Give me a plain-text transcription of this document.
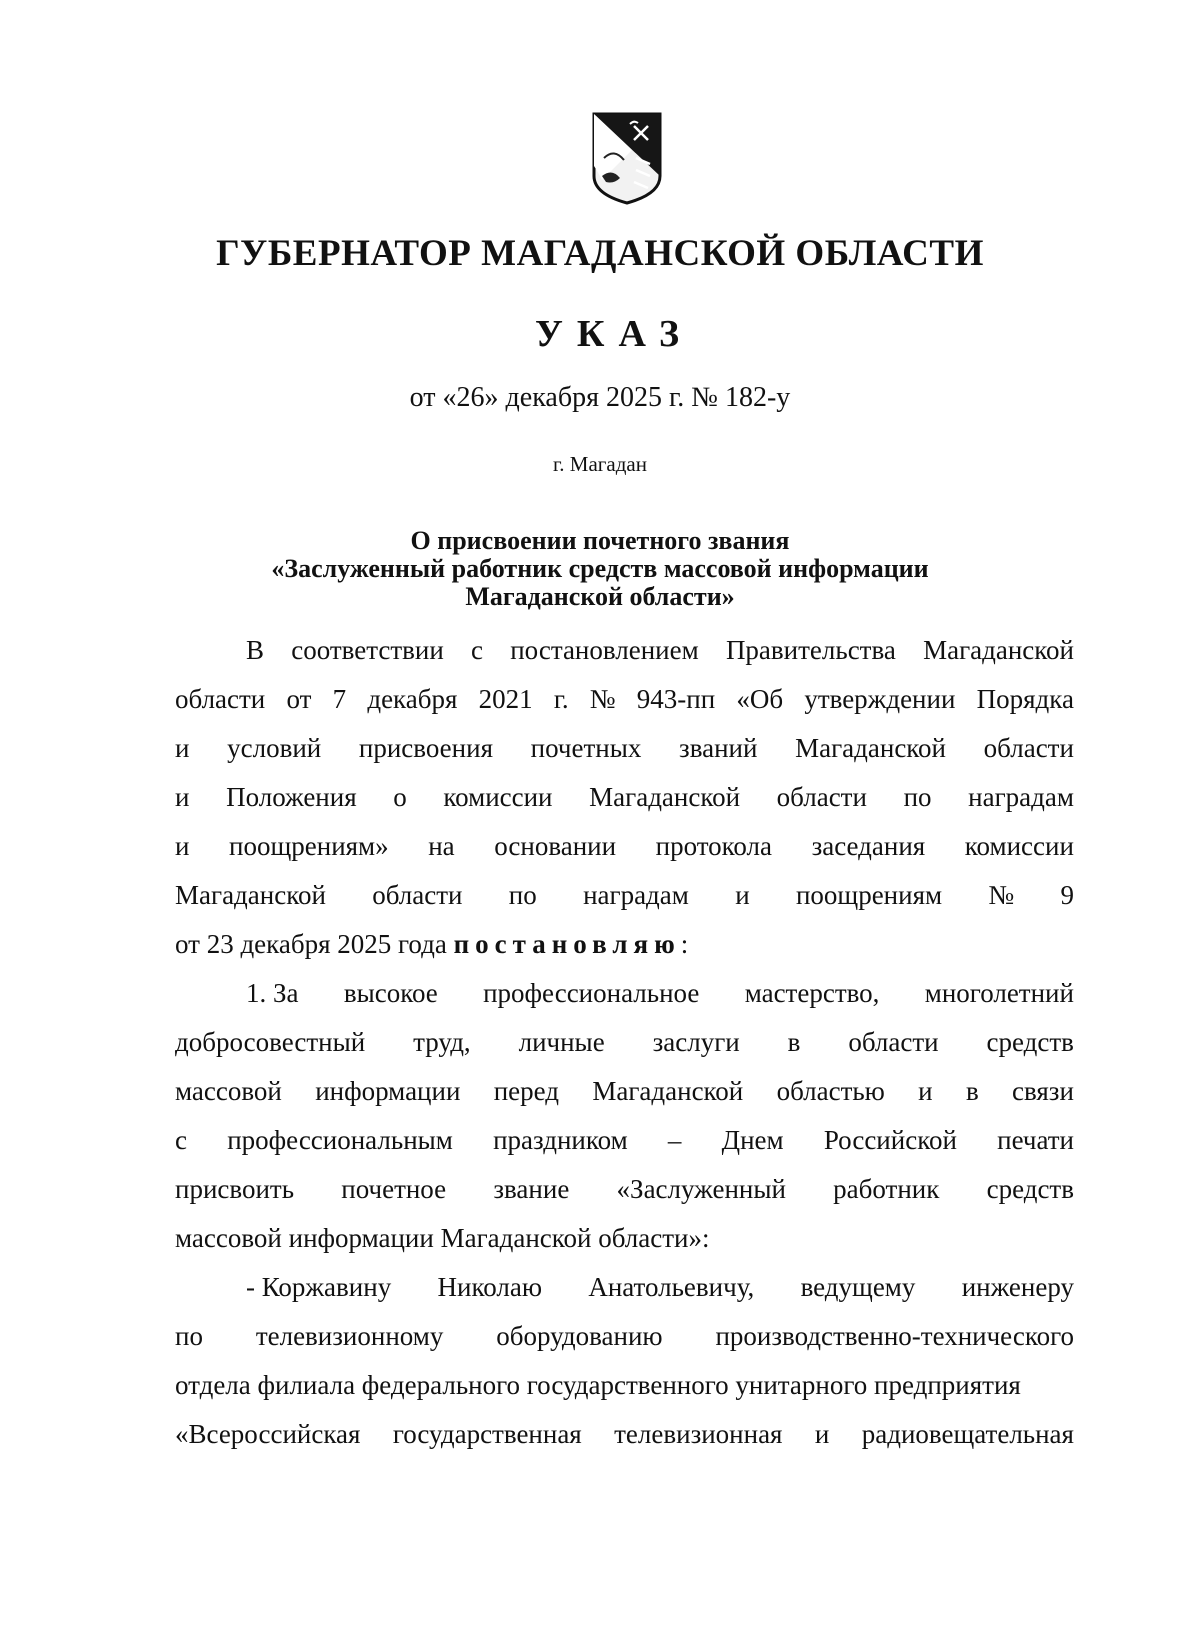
ГУБЕРНАТОР МАГАДАНСКОЙ ОБЛАСТИ
УКАЗ
от «26» декабря 2025 г. № 182-у
г. Магадан
О присвоении почетного звания
«Заслуженный работник средств массовой информации
Магаданской области»
В соответствии с постановлением Правительства Магаданской
области от 7 декабря 2021 г. № 943-пп «Об утверждении Порядка
и условий присвоения почетных званий Магаданской области
и Положения о комиссии Магаданской области по наградам
и поощрениям» на основании протокола заседания комиссии
Магаданской области по наградам и поощрениям № 9
от 23 декабря 2025 года постановляю:
1. За высокое профессиональное мастерство, многолетний
добросовестный труд, личные заслуги в области средств
массовой информации перед Магаданской областью и в связи
с профессиональным праздником – Днем Российской печати
присвоить почетное звание «Заслуженный работник средств
массовой информации Магаданской области»:
- Коржавину Николаю Анатольевичу, ведущему инженеру
по телевизионному оборудованию производственно-технического
отдела филиала федерального государственного унитарного предприятия
«Всероссийская государственная телевизионная и радиовещательная
